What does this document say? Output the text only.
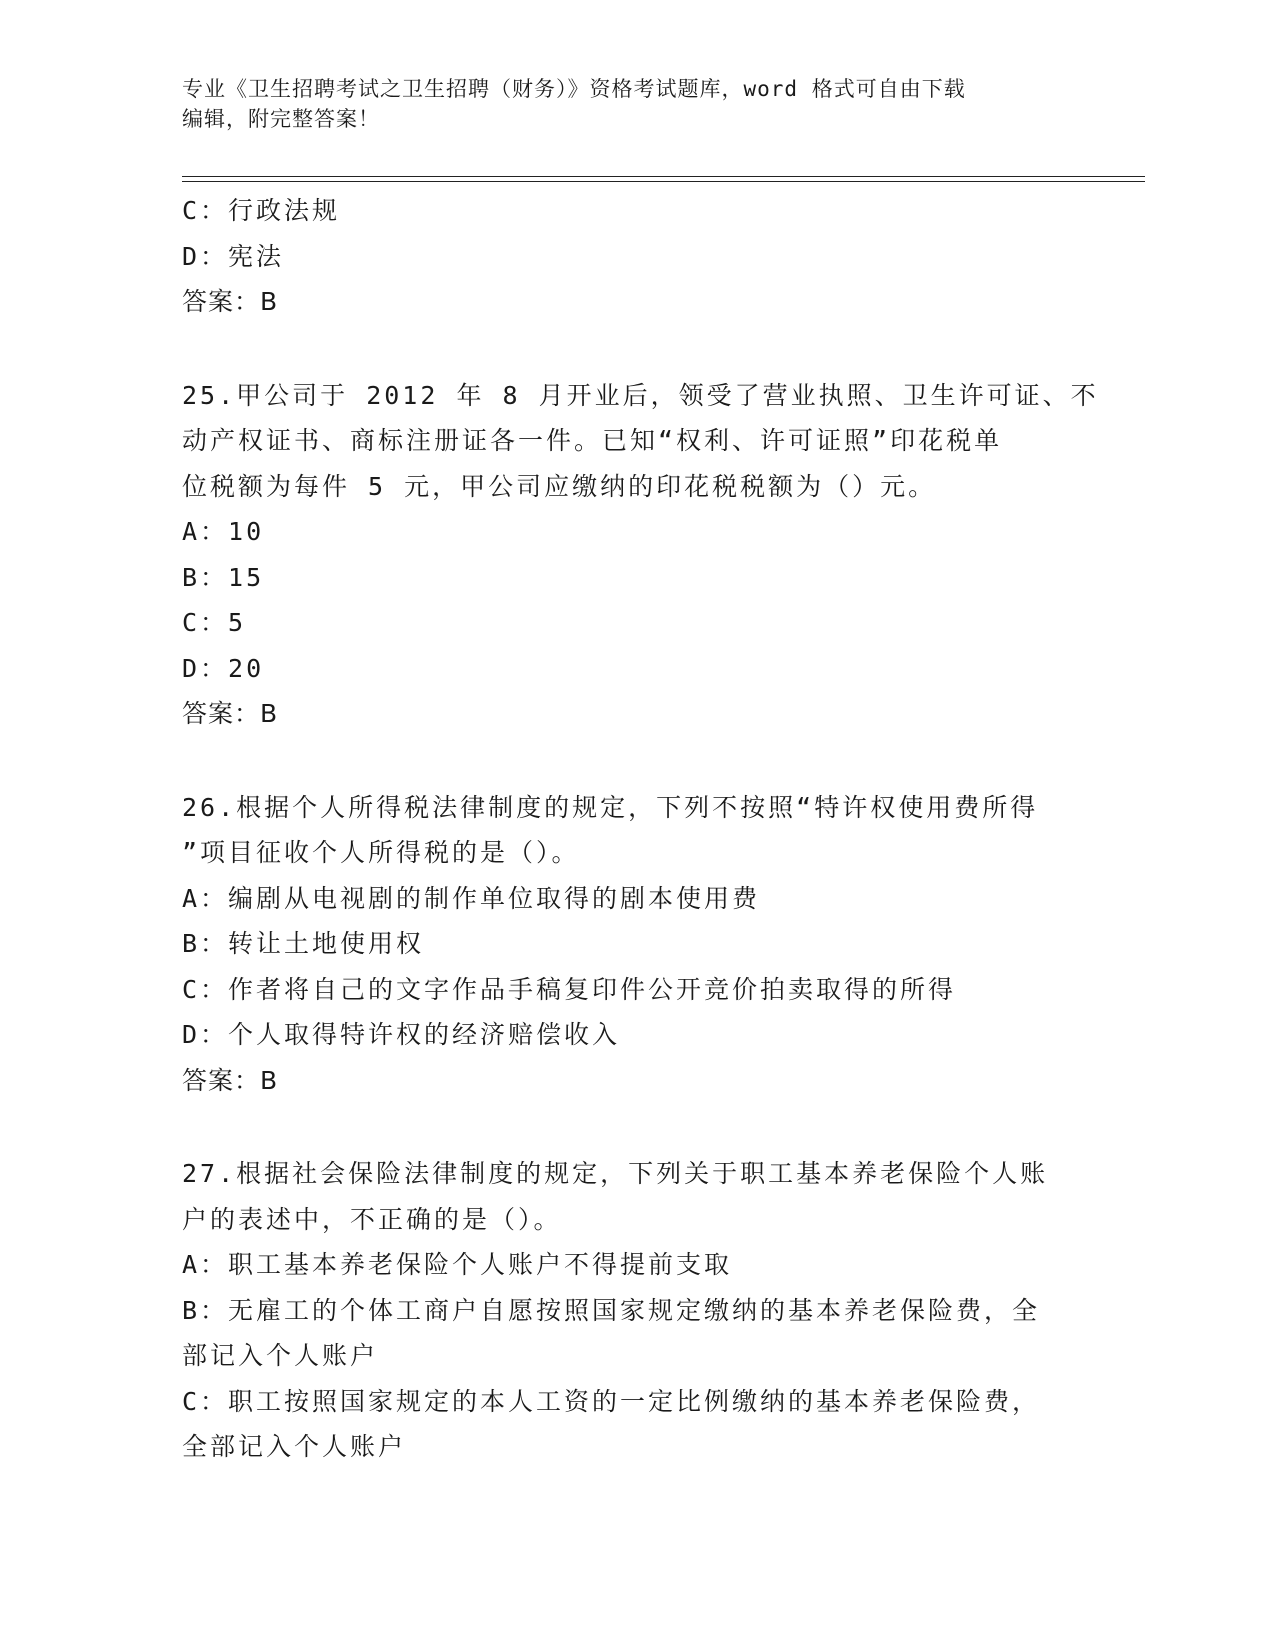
专业《卫生招聘考试之卫生招聘（财务）》资格考试题库，word 格式可自由下载
编辑，附完整答案！
C：行政法规
D：宪法
答案：B
25.甲公司于 2012 年 8 月开业后，领受了营业执照、卫生许可证、不
动产权证书、商标注册证各一件。已知“权利、许可证照”印花税单
位税额为每件 5 元，甲公司应缴纳的印花税税额为（）元。
A：10
B：15
C：5
D：20
答案：B
26.根据个人所得税法律制度的规定，下列不按照“特许权使用费所得
”项目征收个人所得税的是（）。
A：编剧从电视剧的制作单位取得的剧本使用费
B：转让土地使用权
C：作者将自己的文字作品手稿复印件公开竞价拍卖取得的所得
D：个人取得特许权的经济赔偿收入
答案：B
27.根据社会保险法律制度的规定，下列关于职工基本养老保险个人账
户的表述中，不正确的是（）。
A：职工基本养老保险个人账户不得提前支取
B：无雇工的个体工商户自愿按照国家规定缴纳的基本养老保险费，全
部记入个人账户
C：职工按照国家规定的本人工资的一定比例缴纳的基本养老保险费，
全部记入个人账户
